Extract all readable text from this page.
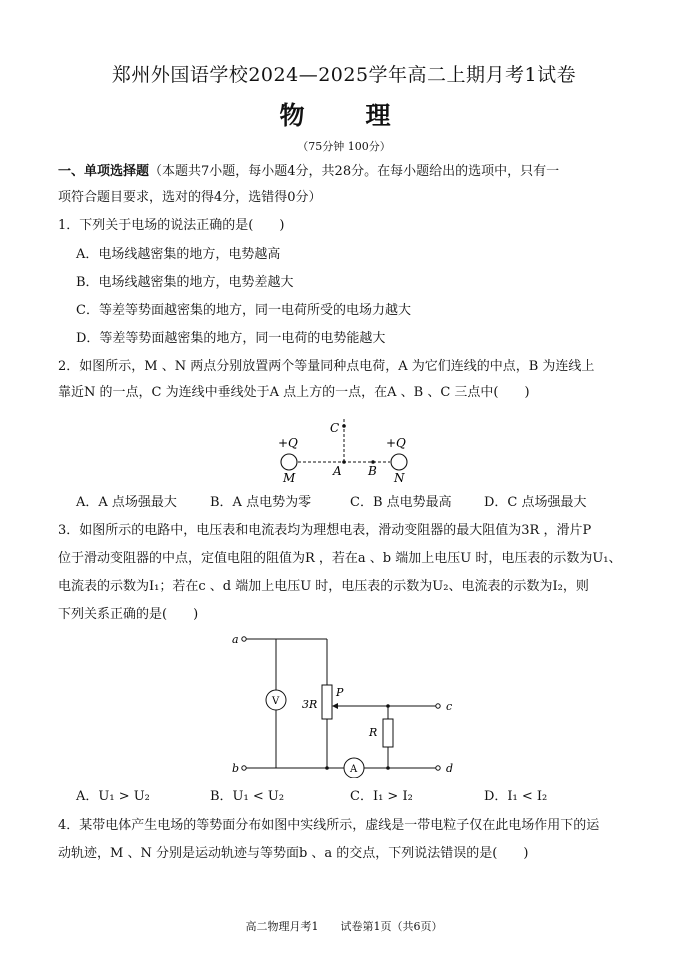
郑州外国语学校2024—2025学年高二上期月考1试卷
物　理
（75分钟 100分）
一、单项选择题（本题共7小题，每小题4分，共28分。在每小题给出的选项中，只有一
项符合题目要求，选对的得4分，选错得0分）
1．下列关于电场的说法正确的是(　　)
A．电场线越密集的地方，电势越高
B．电场线越密集的地方，电势差越大
C．等差等势面越密集的地方，同一电荷所受的电场力越大
D．等差等势面越密集的地方，同一电荷的电势能越大
2．如图所示，M 、N 两点分别放置两个等量同种点电荷，A 为它们连线的中点，B 为连线上
靠近N 的一点，C 为连线中垂线处于A 点上方的一点，在A 、B 、C 三点中(　　)
C
+Q	+Q
M	A B N
A．A 点场强最大	B．A 点电势为零	C．B 点电势最高 D．C 点场强最大
3．如图所示的电路中，电压表和电流表均为理想电表，滑动变阻器的最大阻值为3R ，滑片P
位于滑动变阻器的中点，定值电阻的阻值为R ，若在a 、b 端加上电压U 时，电压表的示数为U₁、
电流表的示数为I₁；若在c 、d 端加上电压U 时，电压表的示数为U₂、电流表的示数为I₂，则
下列关系正确的是(　　)
a
b
c
d
P
3R
R
V
A
A．U₁ > U₂	B．U₁ < U₂	C．I₁ > I₂	D．I₁ < I₂
4．某带电体产生电场的等势面分布如图中实线所示，虚线是一带电粒子仅在此电场作用下的运
动轨迹，M 、N 分别是运动轨迹与等势面b 、a 的交点，下列说法错误的是(　　)
高二物理月考1　　试卷第1页（共6页）
